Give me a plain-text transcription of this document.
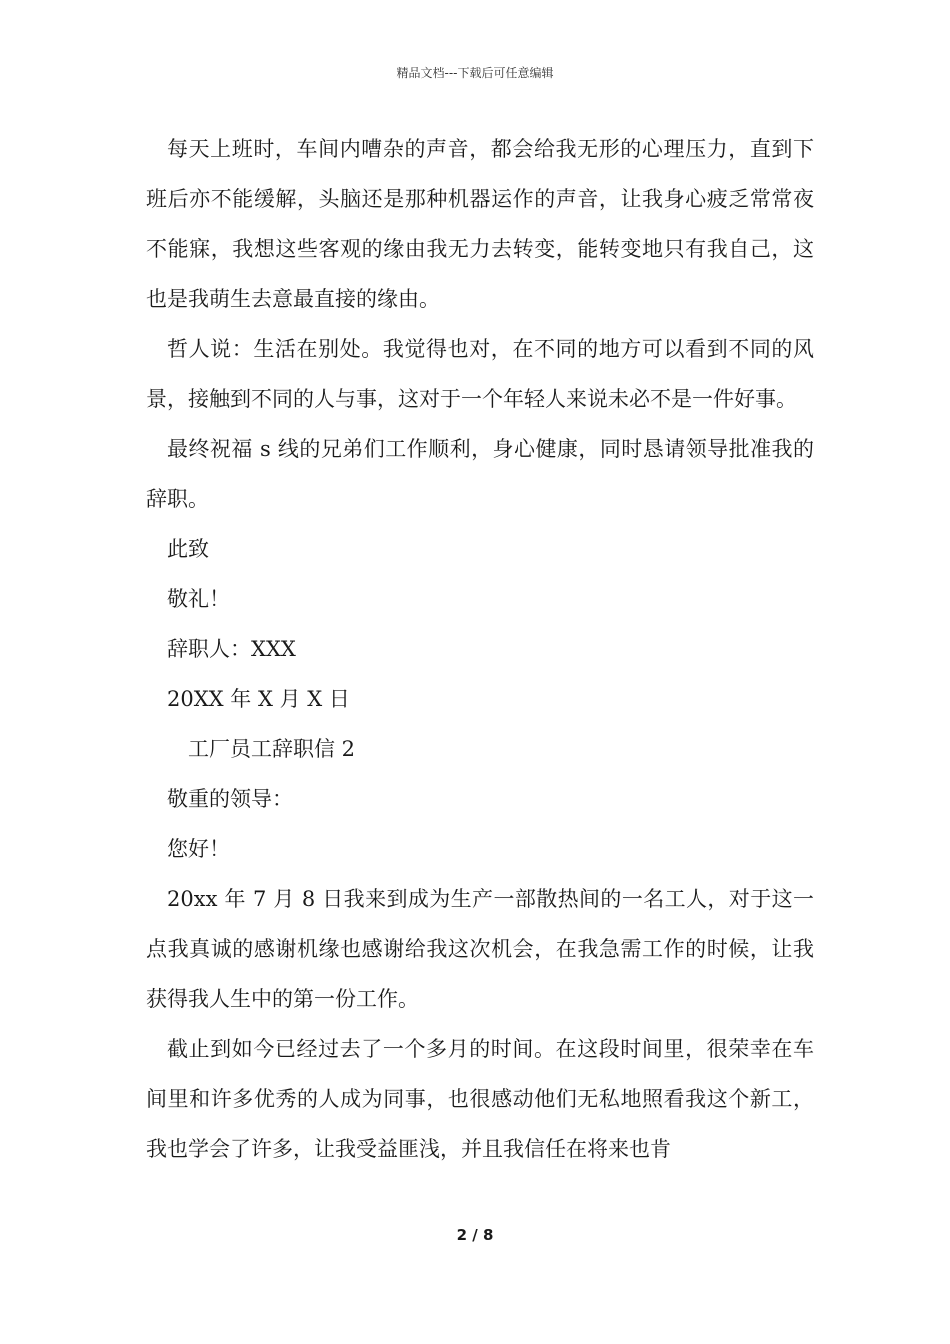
精品文档---下载后可任意编辑

每天上班时，车间内嘈杂的声音，都会给我无形的心理压力，直到下班后亦不能缓解，头脑还是那种机器运作的声音，让我身心疲乏常常夜不能寐，我想这些客观的缘由我无力去转变，能转变地只有我自己，这也是我萌生去意最直接的缘由。

哲人说：生活在别处。我觉得也对，在不同的地方可以看到不同的风景，接触到不同的人与事，这对于一个年轻人来说未必不是一件好事。

最终祝福 s 线的兄弟们工作顺利，身心健康，同时恳请领导批准我的辞职。

此致

敬礼！

辞职人：XXX

20XX 年 X 月 X 日

工厂员工辞职信 2

敬重的领导：

您好！

20xx 年 7 月 8 日我来到成为生产一部散热间的一名工人，对于这一点我真诚的感谢机缘也感谢给我这次机会，在我急需工作的时候，让我获得我人生中的第一份工作。

截止到如今已经过去了一个多月的时间。在这段时间里，很荣幸在车间里和许多优秀的人成为同事，也很感动他们无私地照看我这个新工，我也学会了许多，让我受益匪浅，并且我信任在将来也肯

2 / 8
